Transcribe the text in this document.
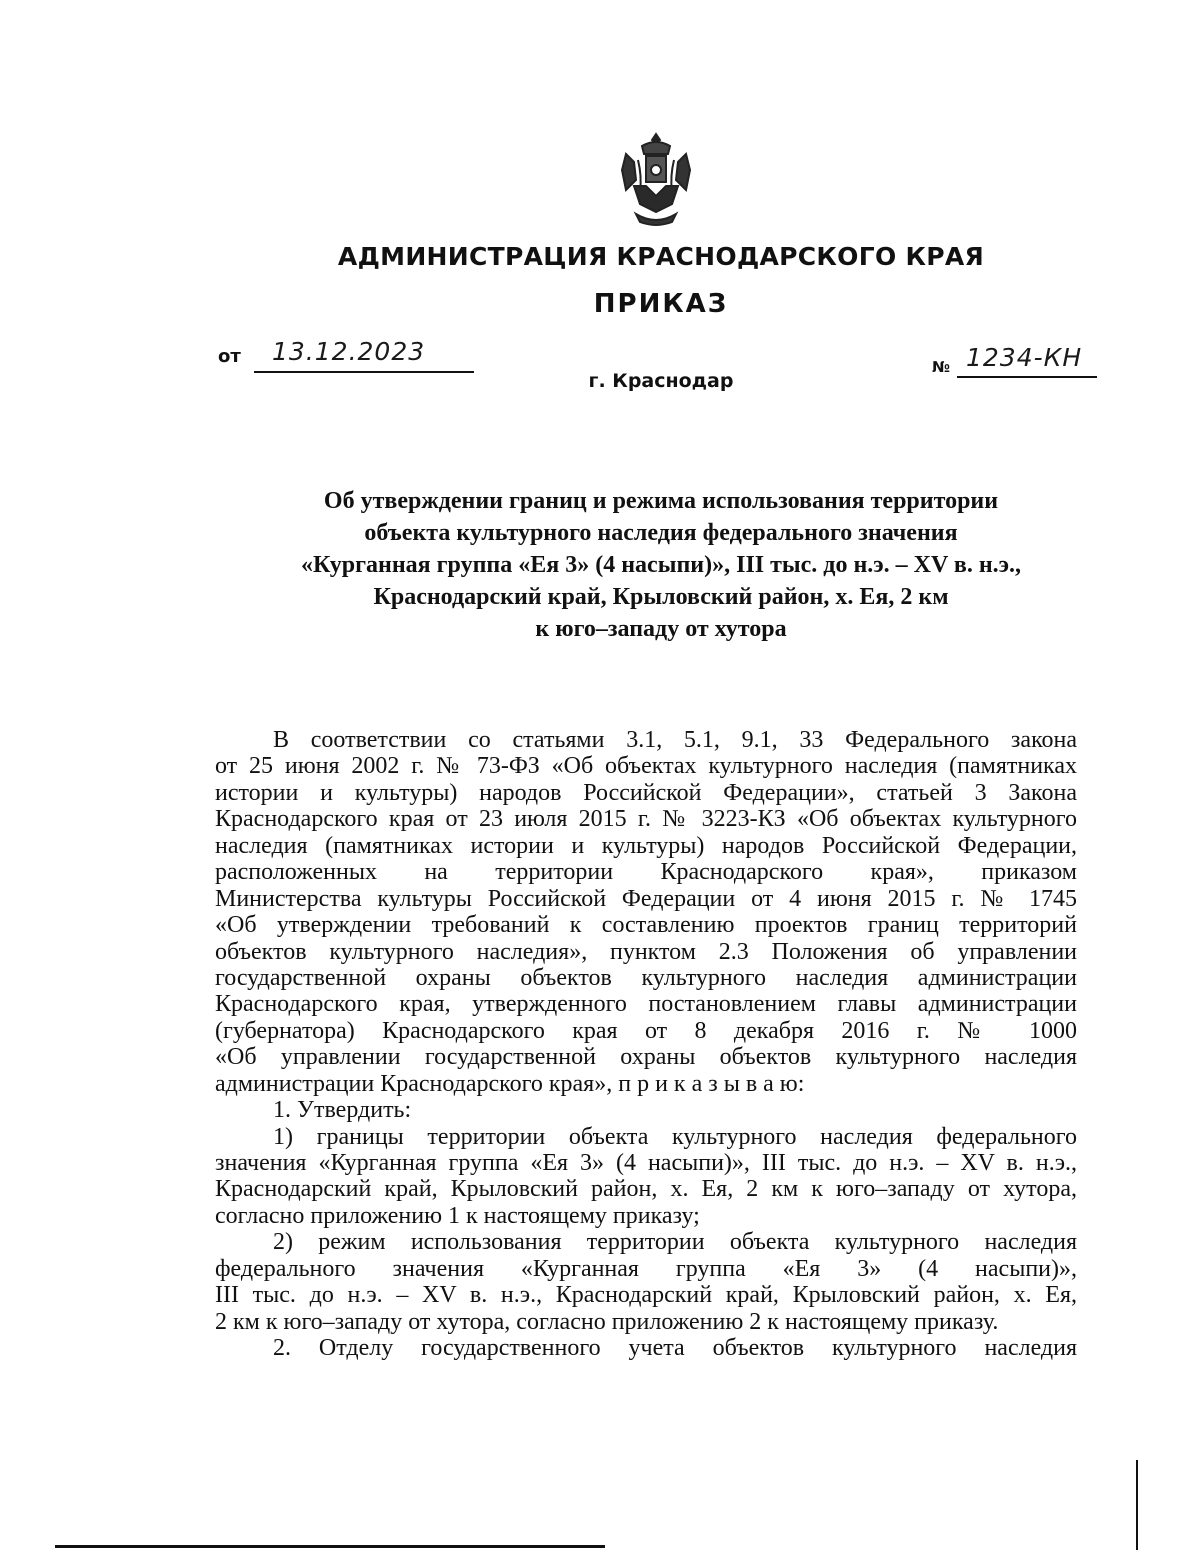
АДМИНИСТРАЦИЯ КРАСНОДАРСКОГО КРАЯ
ПРИКАЗ
от 13.12.2023
№ 1234-КН
г. Краснодар
Об утверждении границ и режима использования территории
объекта культурного наследия федерального значения
«Курганная группа «Ея 3» (4 насыпи)», III тыс. до н.э. – XV в. н.э.,
Краснодарский край, Крыловский район, х. Ея, 2 км
к юго–западу от хутора
В соответствии со статьями 3.1, 5.1, 9.1, 33 Федерального закона
от 25 июня 2002 г. № 73-ФЗ «Об объектах культурного наследия (памятниках
истории и культуры) народов Российской Федерации», статьей 3 Закона
Краснодарского края от 23 июля 2015 г. № 3223-КЗ «Об объектах культурного
наследия (памятниках истории и культуры) народов Российской Федерации,
расположенных на территории Краснодарского края», приказом
Министерства культуры Российской Федерации от 4 июня 2015 г. № 1745
«Об утверждении требований к составлению проектов границ территорий
объектов культурного наследия», пунктом 2.3 Положения об управлении
государственной охраны объектов культурного наследия администрации
Краснодарского края, утвержденного постановлением главы администрации
(губернатора) Краснодарского края от 8 декабря 2016 г. № 1000
«Об управлении государственной охраны объектов культурного наследия
администрации Краснодарского края», п р и к а з ы в а ю:
1. Утвердить:
1) границы территории объекта культурного наследия федерального
значения «Курганная группа «Ея 3» (4 насыпи)», III тыс. до н.э. – XV в. н.э.,
Краснодарский край, Крыловский район, х. Ея, 2 км к юго–западу от хутора,
согласно приложению 1 к настоящему приказу;
2) режим использования территории объекта культурного наследия
федерального значения «Курганная группа «Ея 3» (4 насыпи)»,
III тыс. до н.э. – XV в. н.э., Краснодарский край, Крыловский район, х. Ея,
2 км к юго–западу от хутора, согласно приложению 2 к настоящему приказу.
2. Отделу государственного учета объектов культурного наследия
